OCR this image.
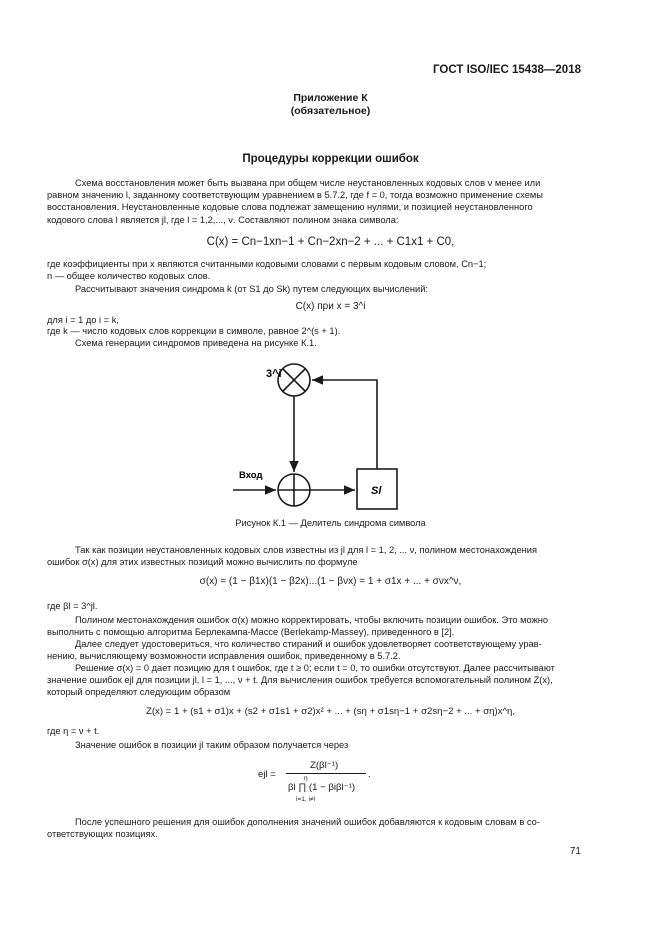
ГОСТ ISO/IEC 15438—2018
Приложение К
(обязательное)
Процедуры коррекции ошибок
Схема восстановления может быть вызвана при общем числе неустановленных кодовых слов ν менее или
равном значению l, заданному соответствующим уравнением в 5.7.2, где f = 0, тогда возможно применение схемы
восстановления. Неустановленные кодовые слова подлежат замещению нулями, и позицией неустановленного
кодового слова l является jl, где l = 1,2,..., ν. Составляют полином знака символа:
C(x) = Cn−1xn−1 + Cn−2xn−2 + ... + C1x1 + C0,
где коэффициенты при x являются считанными кодовыми словами с первым кодовым словом, Cn−1;
n — общее количество кодовых слов.
Рассчитывают значения синдрома k (от S1 до Sk) путем следующих вычислений:
C(x) при x = 3^i
для i = 1 до i = k,
где k — число кодовых слов коррекции в символе, равное 2^(s + 1).
Схема генерации синдромов приведена на рисунке К.1.
3^i
Вход
Sl
Рисунок К.1 — Делитель синдрома символа
Так как позиции неустановленных кодовых слов известны из jl для l = 1, 2, ... ν, полином местонахождения
ошибок σ(x) для этих известных позиций можно вычислить по формуле
σ(x) = (1 − β1x)(1 − β2x)...(1 − βνx) = 1 + σ1x + ... + σνx^ν,
где βl = 3^jl.
Полином местонахождения ошибок σ(x) можно корректировать, чтобы включить позиции ошибок. Это можно
выполнить с помощью алгоритма Берлекампа-Массе (Berlekamp-Massey), приведенного в [2].
Далее следует удостовериться, что количество стираний и ошибок удовлетворяет соответствующему урав-
нению, вычисляющему возможности исправления ошибок, приведенному в 5.7.2.
Решение σ(x) = 0 дает позицию для t ошибок, где t ≥ 0; если t = 0, то ошибки отсутствуют. Далее рассчитывают
значение ошибок ejl для позиции jl, l = 1, ..., ν + t. Для вычисления ошибок требуется вспомогательный полином Z(x),
который определяют следующим образом
Z(x) = 1 + (s1 + σ1)x + (s2 + σ1s1 + σ2)x² + ... + (sη + σ1sη−1 + σ2sη−2 + ... + ση)x^η,
где η = ν + t.
Значение ошибок в позиции jl таким образом получается через
ejl =
Z(βl⁻¹)
η
βl ∏ (1 − βiβl⁻¹)
i=1, i≠l
.
После успешного решения для ошибок дополнения значений ошибок добавляются к кодовым словам в со-
ответствующих позициях.
71
